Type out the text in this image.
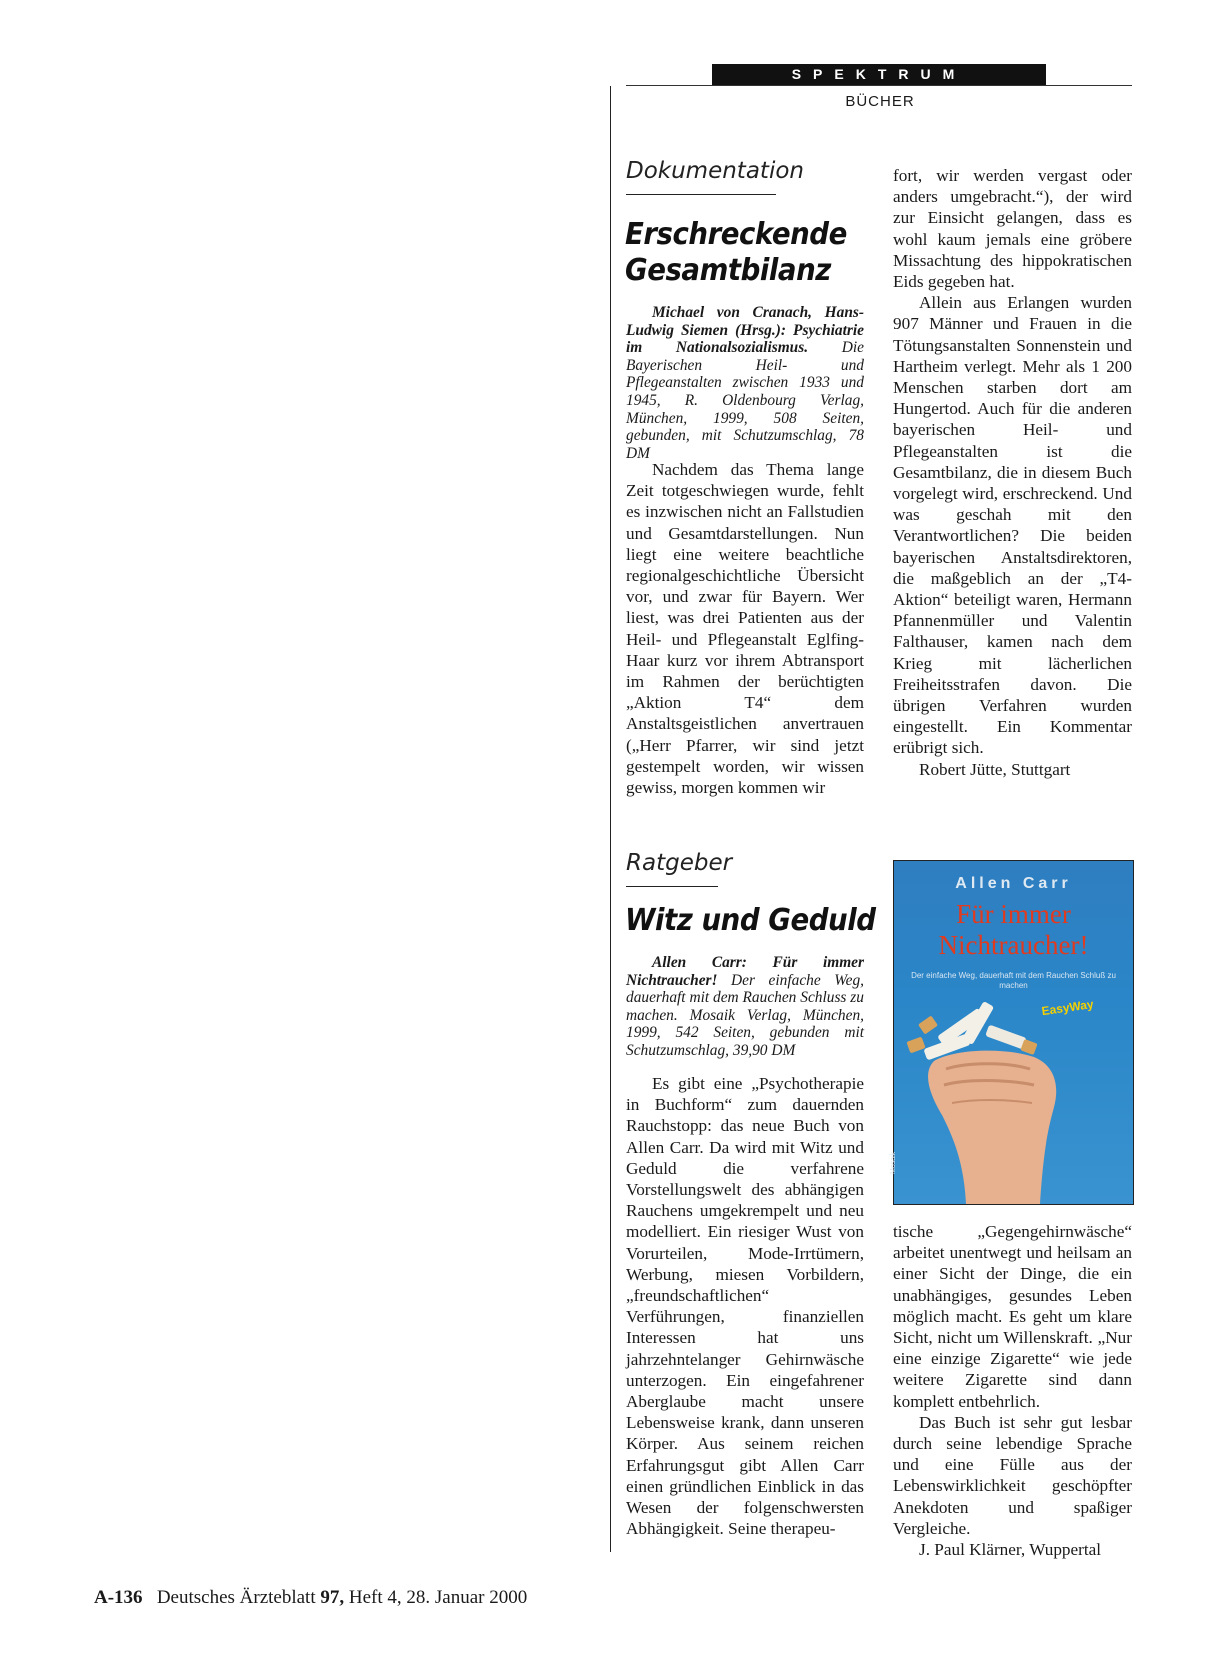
SPEKTRUM
BÜCHER
Dokumentation
Erschreckende
Gesamtbilanz

Michael von Cranach, Hans-Ludwig Siemen (Hrsg.): Psychiatrie im Nationalsozialismus. Die Bayerischen Heil- und Pflegeanstalten zwischen 1933 und 1945, R. Oldenbourg Verlag, München, 1999, 508 Seiten, gebunden, mit Schutzumschlag, 78 DM

Nachdem das Thema lange Zeit totgeschwiegen wurde, fehlt es inzwischen nicht an Fallstudien und Gesamtdarstellungen. Nun liegt eine weitere beachtliche regionalgeschichtliche Übersicht vor, und zwar für Bayern. Wer liest, was drei Patienten aus der Heil- und Pflegeanstalt Eglfing-Haar kurz vor ihrem Abtransport im Rahmen der berüchtigten „Aktion T4“ dem Anstaltsgeistlichen anvertrauen („Herr Pfarrer, wir sind jetzt gestempelt worden, wir wissen gewiss, morgen kommen wir

fort, wir werden vergast oder anders umgebracht.“), der wird zur Einsicht gelangen, dass es wohl kaum jemals eine gröbere Missachtung des hippokratischen Eids gegeben hat.

Allein aus Erlangen wurden 907 Männer und Frauen in die Tötungsanstalten Sonnenstein und Hartheim verlegt. Mehr als 1 200 Menschen starben dort am Hungertod. Auch für die anderen bayerischen Heil- und Pflegeanstalten ist die Gesamtbilanz, die in diesem Buch vorgelegt wird, erschreckend. Und was geschah mit den Verantwortlichen? Die beiden bayerischen Anstaltsdirektoren, die maßgeblich an der „T4-Aktion“ beteiligt waren, Hermann Pfannenmüller und Valentin Falthauser, kamen nach dem Krieg mit lächerlichen Freiheitsstrafen davon. Die übrigen Verfahren wurden eingestellt. Ein Kommentar erübrigt sich.

Robert Jütte, Stuttgart

Ratgeber
Witz und Geduld

Allen Carr: Für immer Nichtraucher! Der einfache Weg, dauerhaft mit dem Rauchen Schluss zu machen. Mosaik Verlag, München, 1999, 542 Seiten, gebunden mit Schutzumschlag, 39,90 DM

Es gibt eine „Psychotherapie in Buchform“ zum dauernden Rauchstopp: das neue Buch von Allen Carr. Da wird mit Witz und Geduld die verfahrene Vorstellungswelt des abhängigen Rauchens umgekrempelt und neu modelliert. Ein riesiger Wust von Vorurteilen, Mode-Irrtümern, Werbung, miesen Vorbildern, „freundschaftlichen“ Verführungen, finanziellen Interessen hat uns jahrzehntelanger Gehirnwäsche unterzogen. Ein eingefahrener Aberglaube macht unsere Lebensweise krank, dann unseren Körper. Aus seinem reichen Erfahrungsgut gibt Allen Carr einen gründlichen Einblick in das Wesen der folgenschwersten Abhängigkeit. Seine therapeu-

tische „Gegengehirnwäsche“ arbeitet unentwegt und heilsam an einer Sicht der Dinge, die ein unabhängiges, gesundes Leben möglich macht. Es geht um klare Sicht, nicht um Willenskraft. „Nur eine einzige Zigarette“ wie jede weitere Zigarette sind dann komplett entbehrlich.

Das Buch ist sehr gut lesbar durch seine lebendige Sprache und eine Fülle aus der Lebenswirklichkeit geschöpfter Anekdoten und spaßiger Vergleiche.

J. Paul Klärner, Wuppertal

Allen Carr
Für immer
Nichtraucher!
Der einfache Weg, dauerhaft mit dem Rauchen Schluß zu machen
EasyWay
Mosaik
A-136 Deutsches Ärzteblatt 97, Heft 4, 28. Januar 2000
